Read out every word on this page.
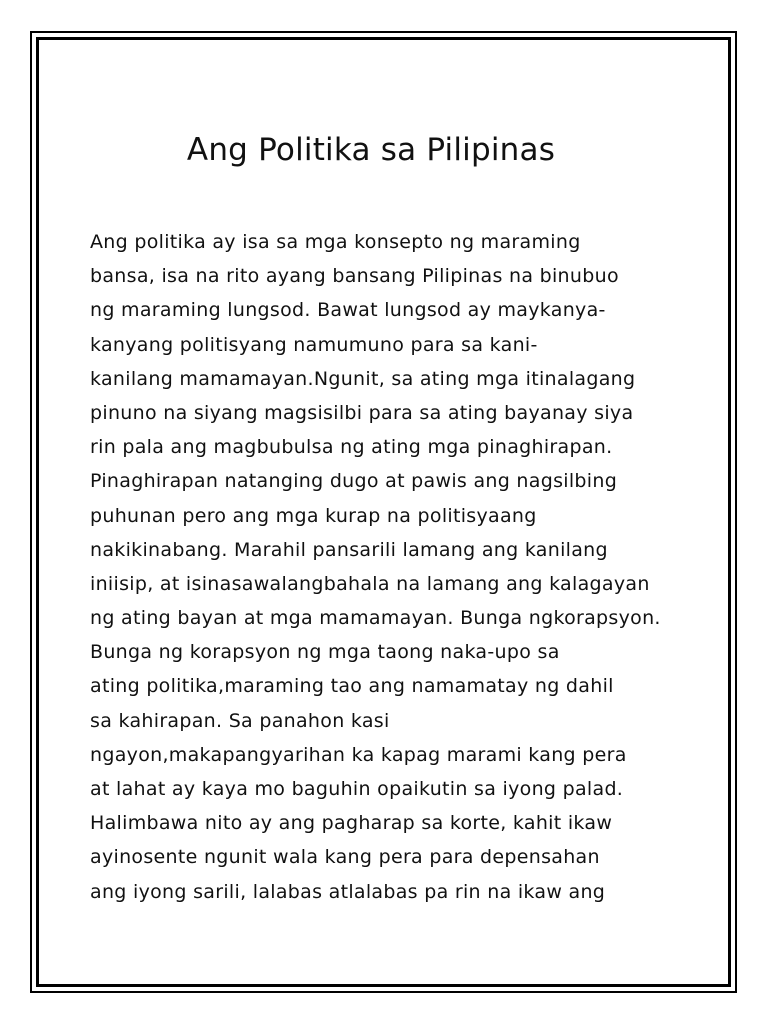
Ang Politika sa Pilipinas
Ang politika ay isa sa mga konsepto ng maraming
bansa, isa na rito ayang bansang Pilipinas na binubuo
ng maraming lungsod. Bawat lungsod ay maykanya-
kanyang politisyang namumuno para sa kani-
kanilang mamamayan.Ngunit, sa ating mga itinalagang
pinuno na siyang magsisilbi para sa ating bayanay siya
rin pala ang magbubulsa ng ating mga pinaghirapan.
Pinaghirapan natanging dugo at pawis ang nagsilbing
puhunan pero ang mga kurap na politisyaang
nakikinabang. Marahil pansarili lamang ang kanilang
iniisip, at isinasawalangbahala na lamang ang kalagayan
ng ating bayan at mga mamamayan. Bunga ngkorapsyon.
Bunga ng korapsyon ng mga taong naka-upo sa
ating politika,maraming tao ang namamatay ng dahil
sa kahirapan. Sa panahon kasi
ngayon,makapangyarihan ka kapag marami kang pera
at lahat ay kaya mo baguhin opaikutin sa iyong palad.
Halimbawa nito ay ang pagharap sa korte, kahit ikaw
ayinosente ngunit wala kang pera para depensahan
ang iyong sarili, lalabas atlalabas pa rin na ikaw ang
